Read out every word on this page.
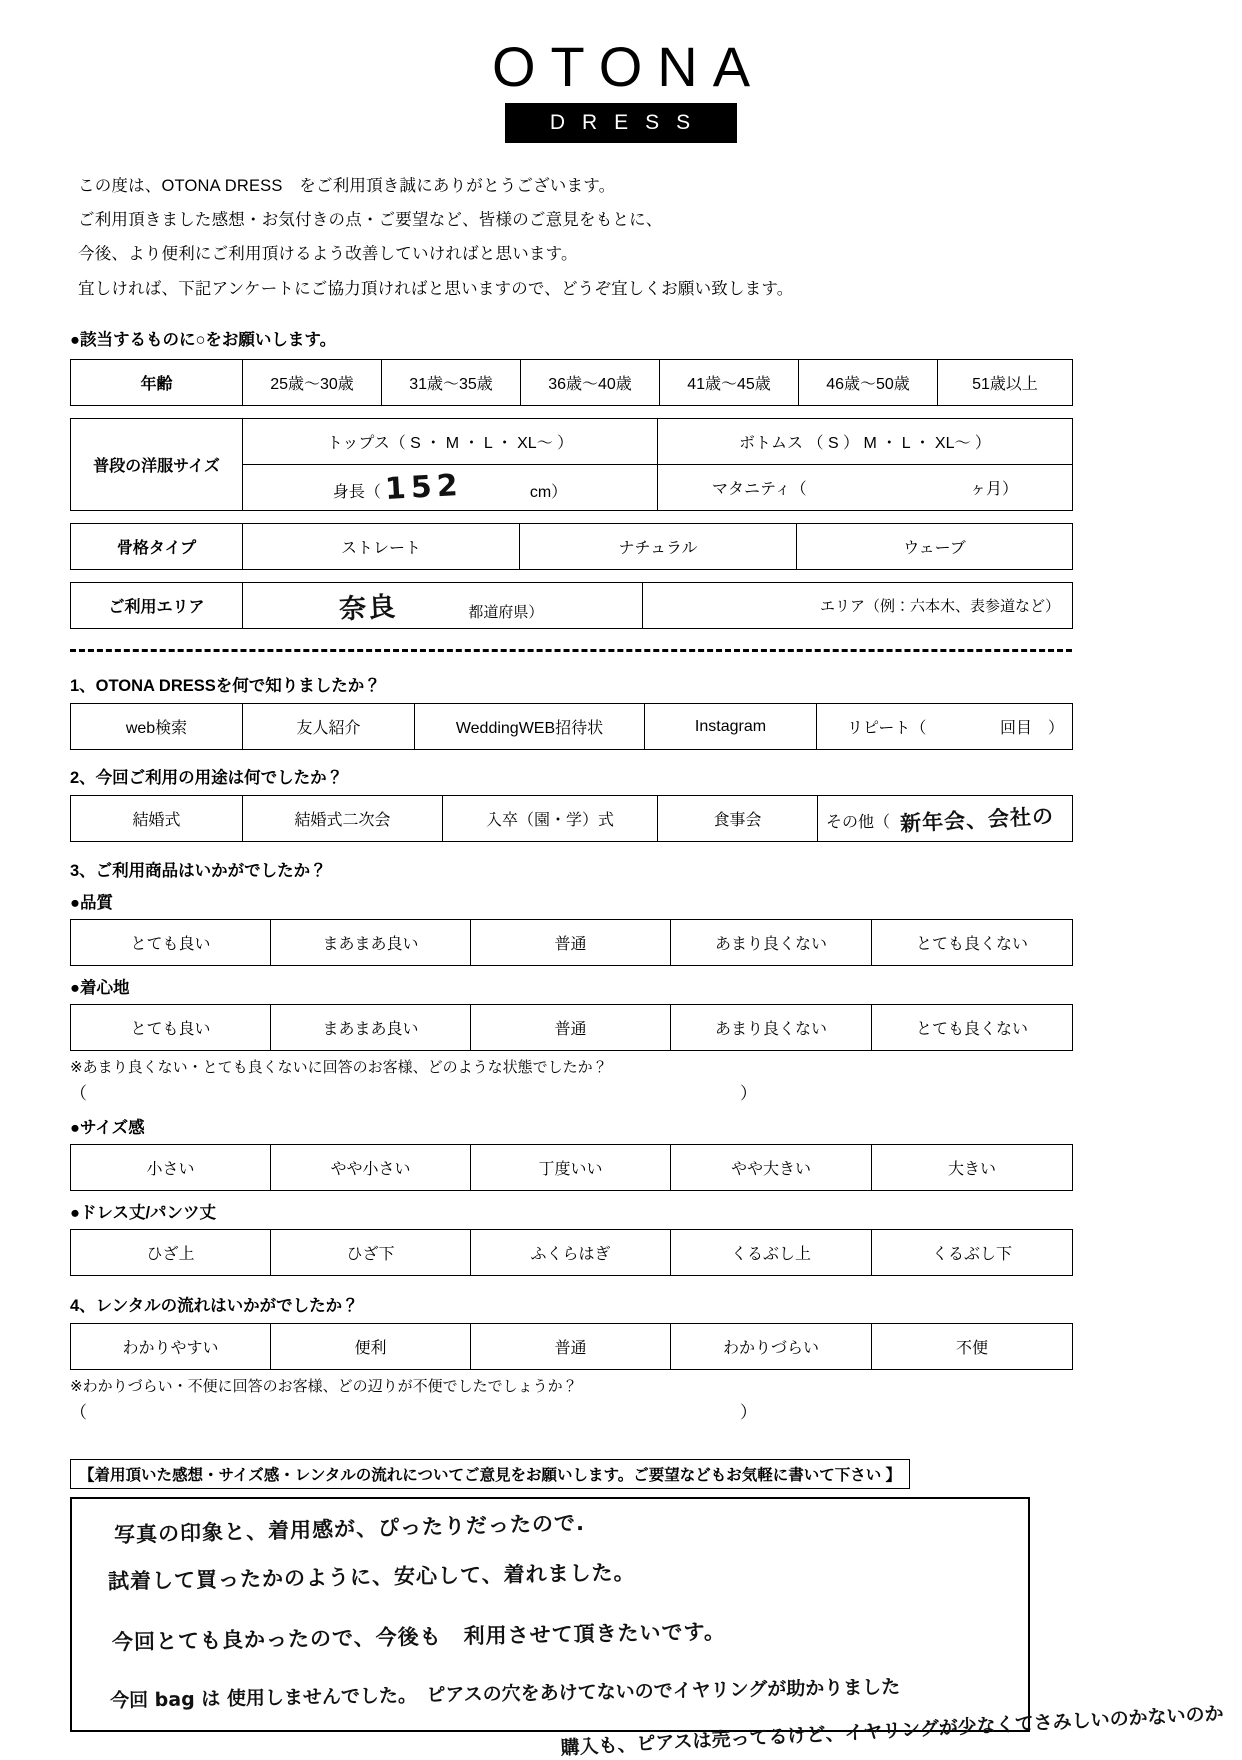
OTONA
DRESS
この度は、OTONA DRESS　をご利用頂き誠にありがとうございます。
ご利用頂きました感想・お気付きの点・ご要望など、皆様のご意見をもとに、
今後、より便利にご利用頂けるよう改善していければと思います。
宜しければ、下記アンケートにご協力頂ければと思いますので、どうぞ宜しくお願い致します。
●該当するものに○をお願いします。
年齢	25歳〜30歳	31歳〜35歳	36歳〜40歳	41歳〜45歳	46歳〜50歳	51歳以上
普段の洋服サイズ	トップス（ S ・ M ・ L ・ XL〜 ）	ボトムス （ S ） M ・ L ・ XL〜 ）
	身長（ 152 cm）	マタニティ（ ヶ月）
骨格タイプ	ストレート	ナチュラル	ウェーブ
ご利用エリア	奈良	都道府県）	エリア（例：六本木、表参道など）
1、OTONA DRESSを何で知りましたか？
web検索	友人紹介	WeddingWEB招待状	Instagram	リピート（	回目　）
2、今回ご利用の用途は何でしたか？
結婚式	結婚式二次会	入卒（園・学）式	食事会	その他（ 新年会、会社の
3、ご利用商品はいかがでしたか？
●品質
とても良い	まあまあ良い	普通	あまり良くない	とても良くない
●着心地
とても良い	まあまあ良い	普通	あまり良くない	とても良くない
※あまり良くない・とても良くないに回答のお客様、どのような状態でしたか？
（	）
●サイズ感
小さい	やや小さい	丁度いい	やや大きい	大きい
●ドレス丈/パンツ丈
ひざ上	ひざ下	ふくらはぎ	くるぶし上	くるぶし下
4、レンタルの流れはいかがでしたか？
わかりやすい	便利	普通	わかりづらい	不便
※わかりづらい・不便に回答のお客様、どの辺りが不便でしたでしょうか？
（	）
【着用頂いた感想・サイズ感・レンタルの流れについてご意見をお願いします。ご要望などもお気軽に書いて下さい 】
写真の印象と、着用感が、ぴったりだったので.
試着して買ったかのように、安心して、着れました。
今回とても良かったので、今後も　利用させて頂きたいです。
今回 bag は 使用しませんでした。　ピアスの穴をあけてないのでイヤリングが助かりました
購入も、ピアスは売ってるけど、イヤリングが少なくてさみしいのかないのか
